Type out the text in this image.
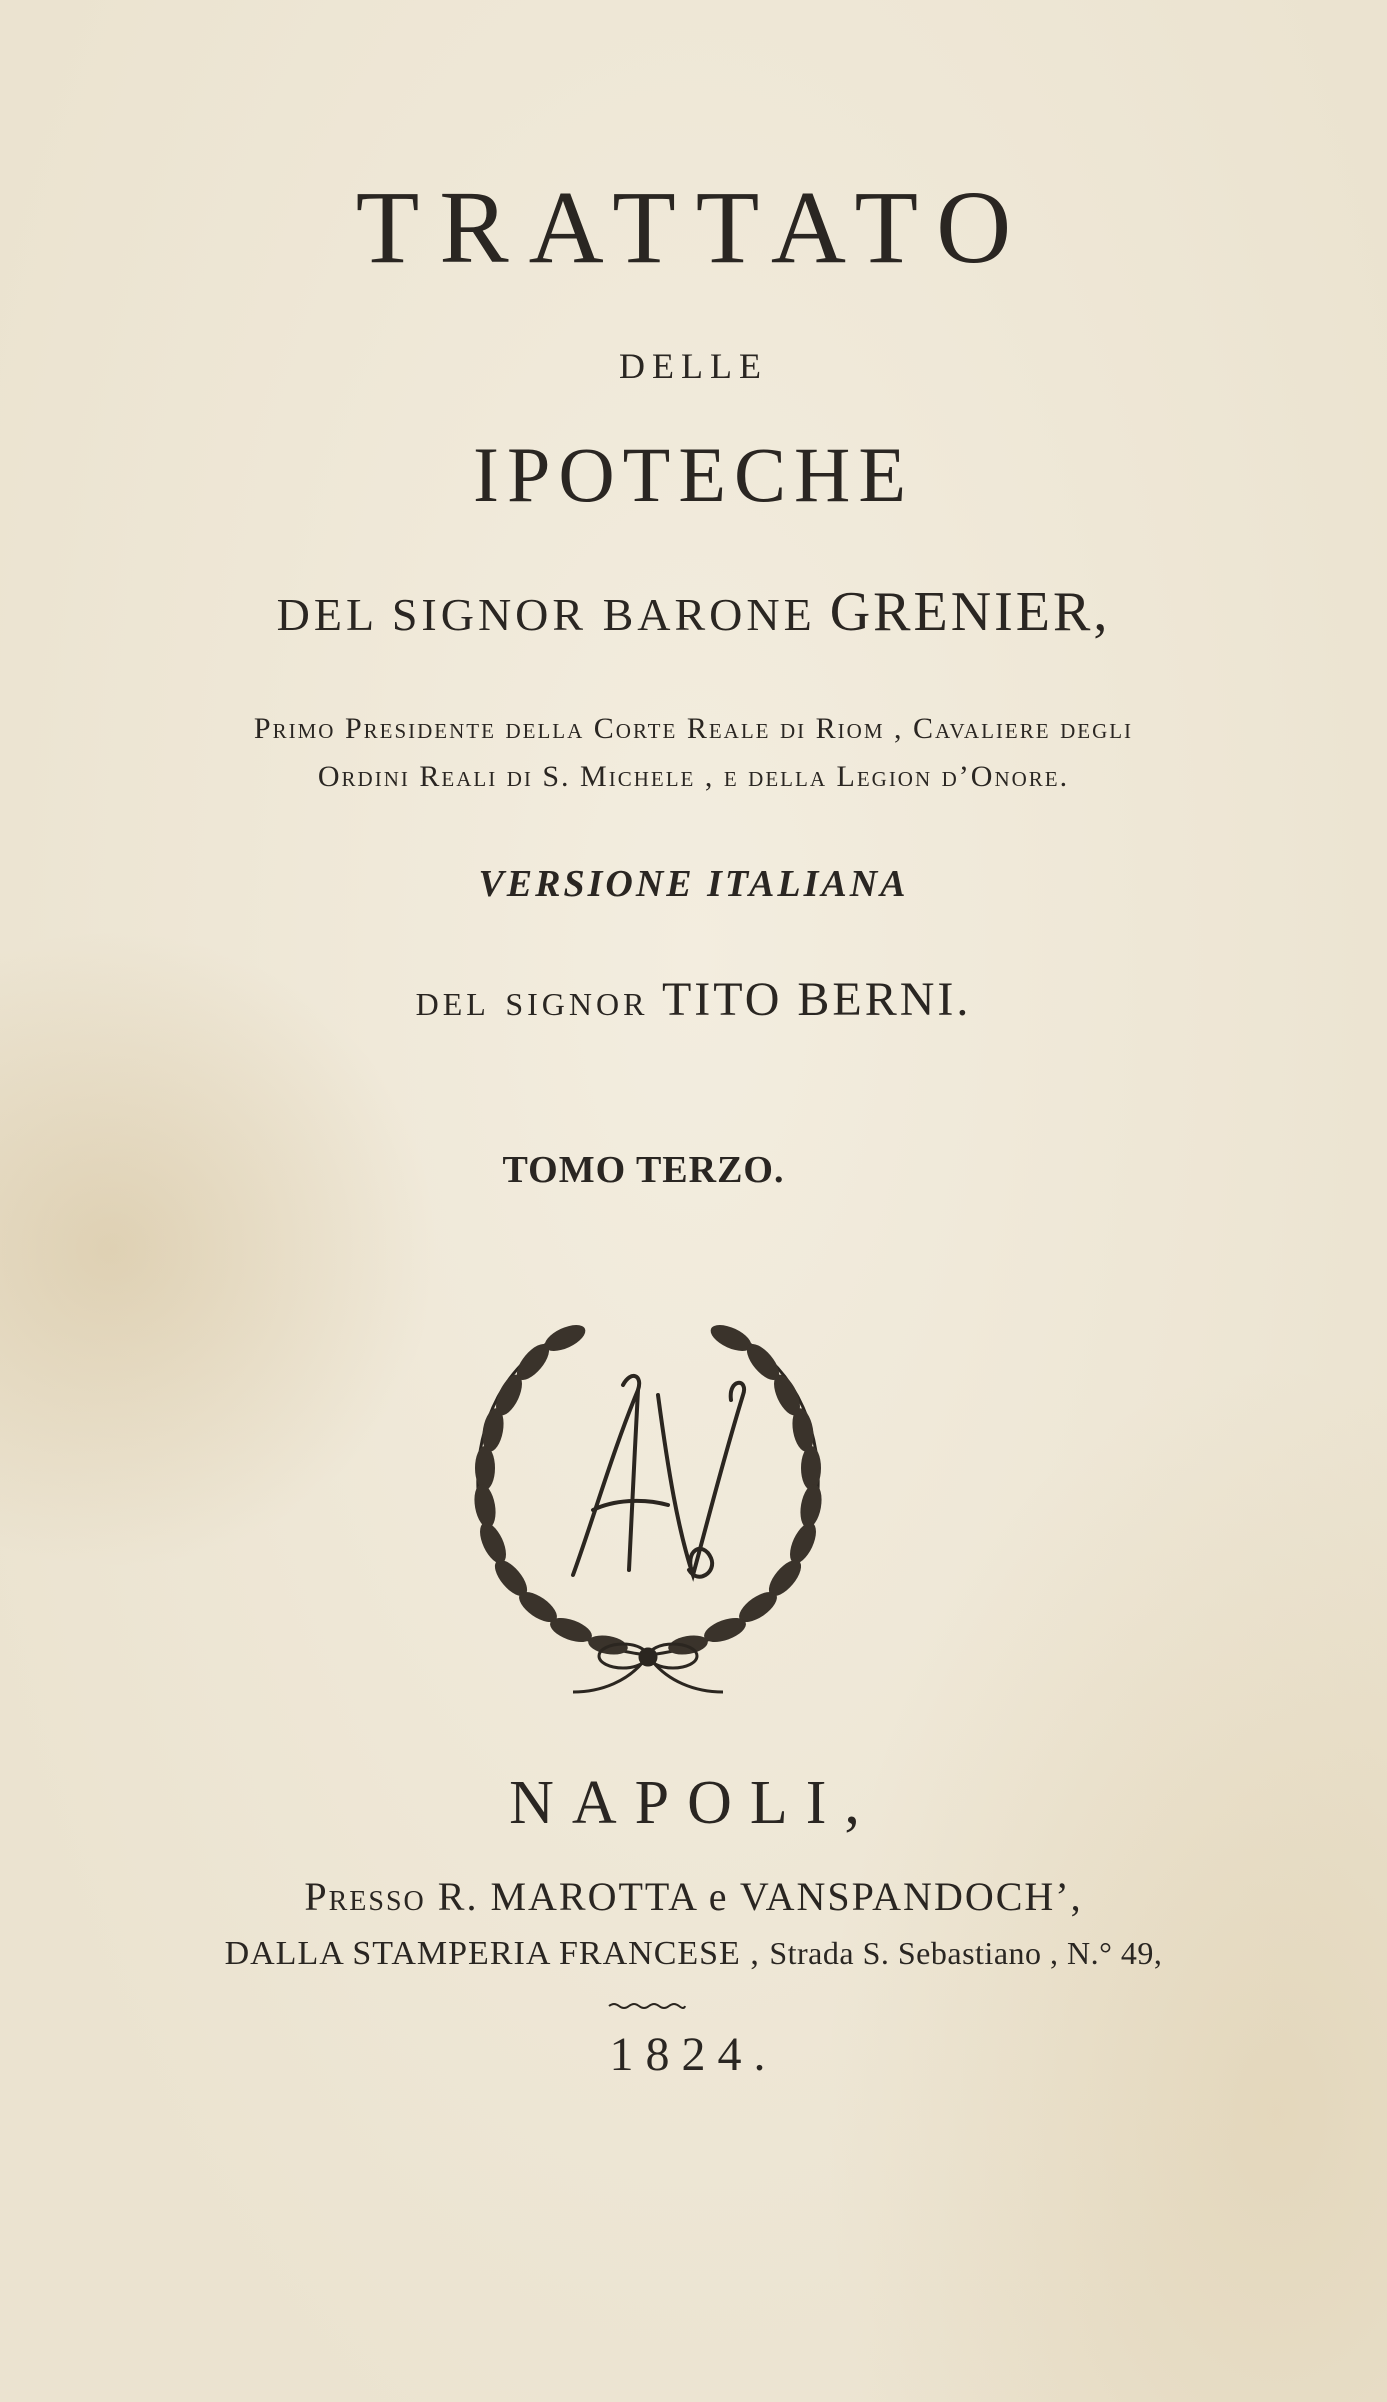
TRATTATO
DELLE
IPOTECHE
DEL SIGNOR BARONE GRENIER,
Primo Presidente della Corte Reale di Riom , Cavaliere degli
Ordini Reali di S. Michele , e della Legion d’Onore.
VERSIONE ITALIANA
del signor TITO BERNI.
TOMO TERZO.
NAPOLI,
Presso R. MAROTTA e VANSPANDOCH’,
DALLA STAMPERIA FRANCESE , Strada S. Sebastiano , N.° 49,
1824.
